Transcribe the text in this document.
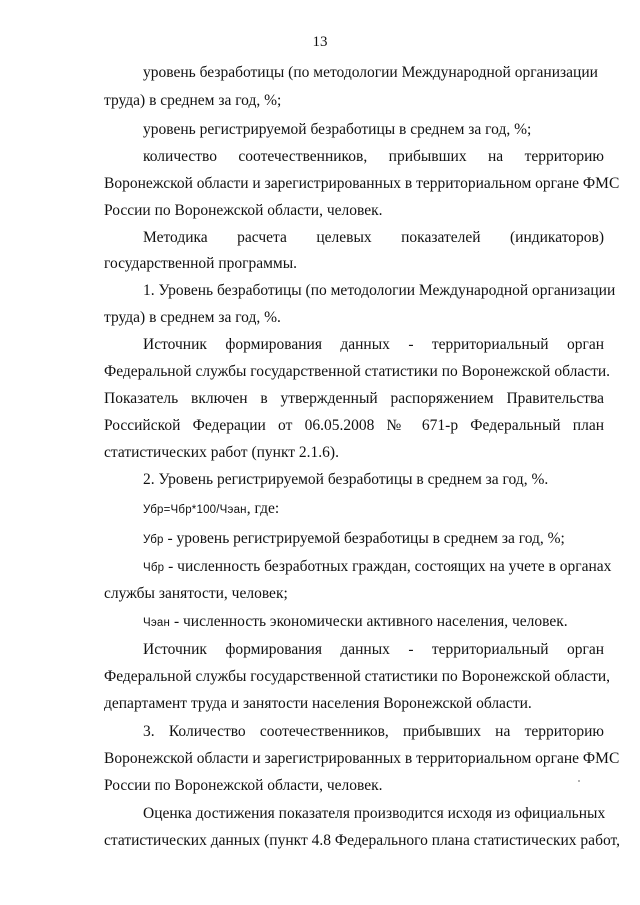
13
уровень безработицы (по методологии Международной организации
труда) в среднем за год, %;
уровень регистрируемой безработицы в среднем за год, %;
количество соотечественников, прибывших на территорию
Воронежской области и зарегистрированных в территориальном органе ФМС
России по Воронежской области, человек.
Методика расчета целевых показателей (индикаторов)
государственной программы.
1. Уровень безработицы (по методологии Международной организации
труда) в среднем за год, %.
Источник формирования данных - территориальный орган
Федеральной службы государственной статистики по Воронежской области.
Показатель включен в утвержденный распоряжением Правительства
Российской Федерации от 06.05.2008 № 671-р Федеральный план
статистических работ (пункт 2.1.6).
2. Уровень регистрируемой безработицы в среднем за год, %.
Убр=Чбр*100/Чэан, где:
Убр - уровень регистрируемой безработицы в среднем за год, %;
Чбр - численность безработных граждан, состоящих на учете в органах
службы занятости, человек;
Чэан - численность экономически активного населения, человек.
Источник формирования данных - территориальный орган
Федеральной службы государственной статистики по Воронежской области,
департамент труда и занятости населения Воронежской области.
3. Количество соотечественников, прибывших на территорию
Воронежской области и зарегистрированных в территориальном органе ФМС
России по Воронежской области, человек.
Оценка достижения показателя производится исходя из официальных
статистических данных (пункт 4.8 Федерального плана статистических работ,
